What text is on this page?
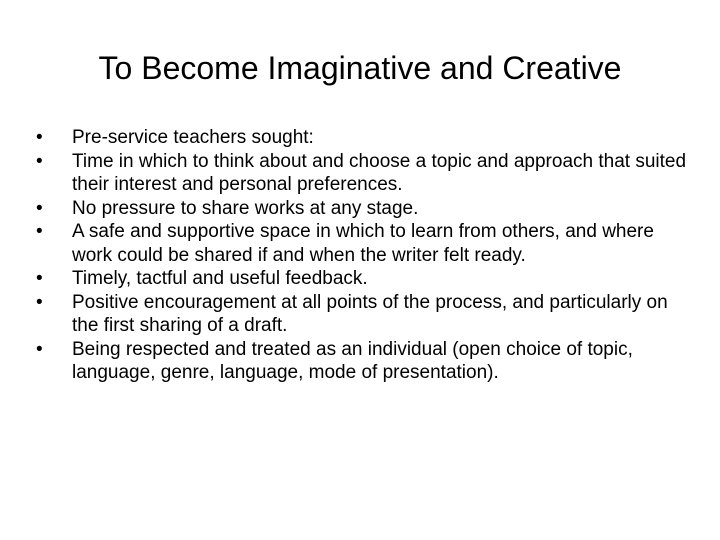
To Become Imaginative and Creative
•	Pre-service teachers sought:
•	Time in which to think about and choose a topic and approach that suited their interest and personal preferences.
•	No pressure to share works at any stage.
•	A safe and supportive space in which to learn from others, and where work could be shared if and when the writer felt ready.
•	Timely, tactful and useful feedback.
•	Positive encouragement at all points of the process, and particularly on the first sharing of a draft.
•	Being respected and treated as an individual (open choice of topic, language, genre, language, mode of presentation).
